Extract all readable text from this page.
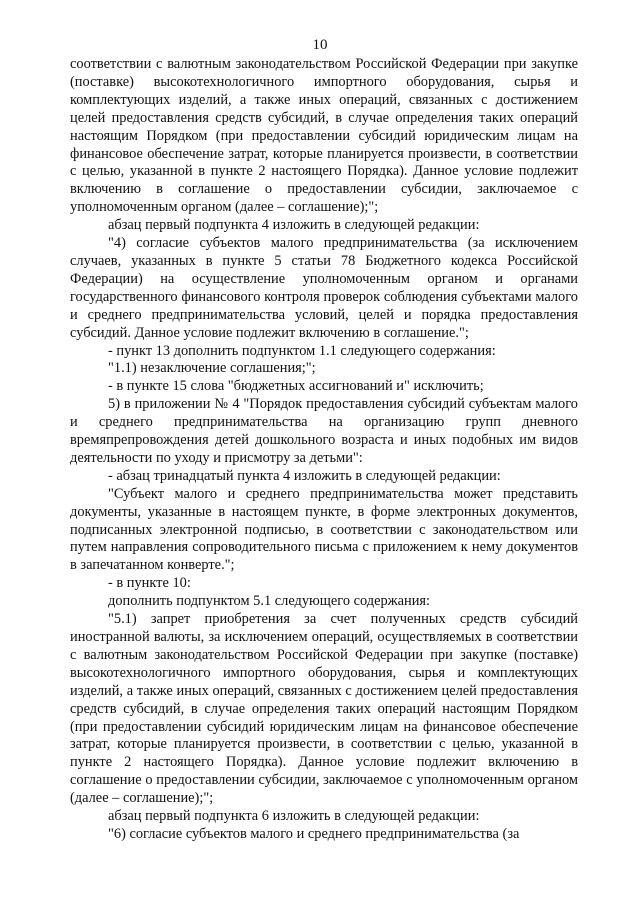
10

соответствии с валютным законодательством Российской Федерации при закупке (поставке) высокотехнологичного импортного оборудования, сырья и комплектующих изделий, а также иных операций, связанных с достижением целей предоставления средств субсидий, в случае определения таких операций настоящим Порядком (при предоставлении субсидий юридическим лицам на финансовое обеспечение затрат, которые планируется произвести, в соответствии с целью, указанной в пункте 2 настоящего Порядка). Данное условие подлежит включению в соглашение о предоставлении субсидии, заключаемое с уполномоченным органом (далее – соглашение);";

абзац первый подпункта 4 изложить в следующей редакции:

"4) согласие субъектов малого предпринимательства (за исключением случаев, указанных в пункте 5 статьи 78 Бюджетного кодекса Российской Федерации) на осуществление уполномоченным органом и органами государственного финансового контроля проверок соблюдения субъектами малого и среднего предпринимательства условий, целей и порядка предоставления субсидий. Данное условие подлежит включению в соглашение.";

- пункт 13 дополнить подпунктом 1.1 следующего содержания:

"1.1) незаключение соглашения;";

- в пункте 15 слова "бюджетных ассигнований и" исключить;

5) в приложении № 4 "Порядок предоставления субсидий субъектам малого и среднего предпринимательства на организацию групп дневного времяпрепровождения детей дошкольного возраста и иных подобных им видов деятельности по уходу и присмотру за детьми":

- абзац тринадцатый пункта 4 изложить в следующей редакции:

"Субъект малого и среднего предпринимательства может представить документы, указанные в настоящем пункте, в форме электронных документов, подписанных электронной подписью, в соответствии с законодательством или путем направления сопроводительного письма с приложением к нему документов в запечатанном конверте.";

- в пункте 10:

дополнить подпунктом 5.1 следующего содержания:

"5.1) запрет приобретения за счет полученных средств субсидий иностранной валюты, за исключением операций, осуществляемых в соответствии с валютным законодательством Российской Федерации при закупке (поставке) высокотехнологичного импортного оборудования, сырья и комплектующих изделий, а также иных операций, связанных с достижением целей предоставления средств субсидий, в случае определения таких операций настоящим Порядком (при предоставлении субсидий юридическим лицам на финансовое обеспечение затрат, которые планируется произвести, в соответствии с целью, указанной в пункте 2 настоящего Порядка). Данное условие подлежит включению в соглашение о предоставлении субсидии, заключаемое с уполномоченным органом (далее – соглашение);";

абзац первый подпункта 6 изложить в следующей редакции:

"6) согласие субъектов малого и среднего предпринимательства (за
